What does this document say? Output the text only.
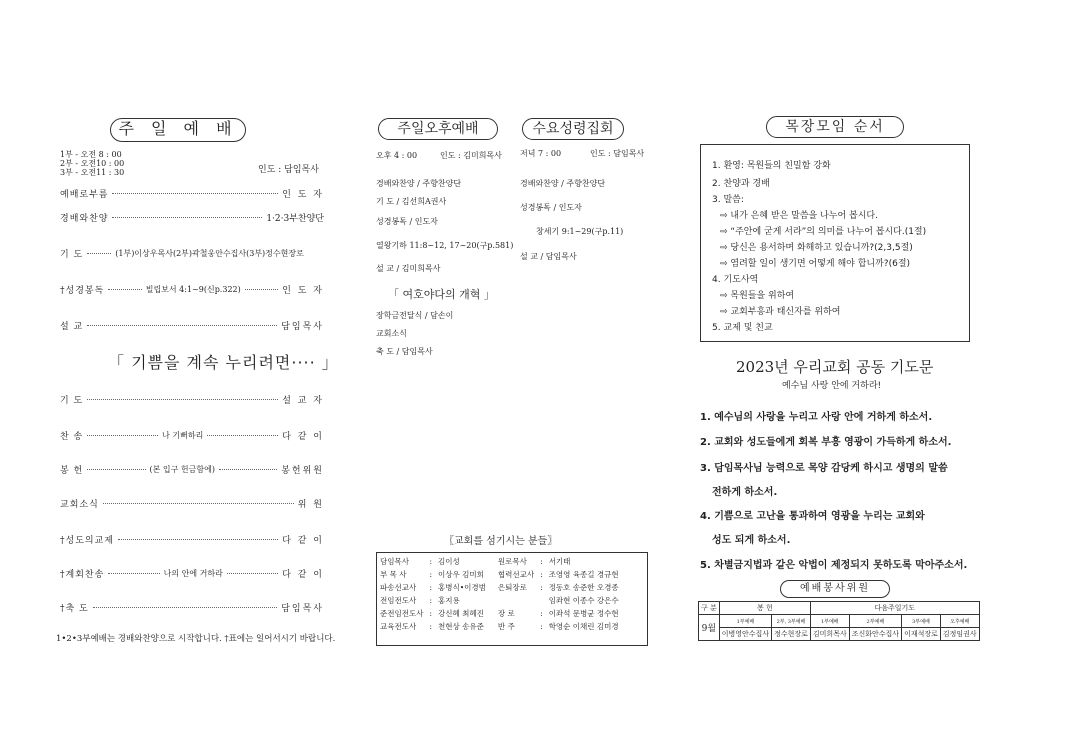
주 일 예 배
1부 - 오전 8 : 00
2부 - 오전10 : 00
3부 - 오전11 : 30	인도 : 담임목사
예배로부름	인 도 자
경배와찬양	1·2·3부찬양단
기 도	(1부)이상우목사(2부)곽철웅안수집사(3부)정수현장로
†성경봉독	빌립보서 4:1~9(신p.322)	인 도 자
설 교	담임목사
「 기쁨을 계속 누리려면···· 」
기 도	설 교 자
찬 송	나 기뻐하리	다 같 이
봉 헌	(본 입구 헌금함에)	봉헌위원
교회소식	위 원
†성도의교제	다 같 이
†계회찬송	나의 안에 거하라	다 같 이
†축 도	담임목사
1•2•3부예배는 경배와찬양으로 시작합니다. †표에는 일어서시기 바랍니다.
주일오후예배	수요성령집회
오후 4 : 00	인도 : 김미희목사
경배와찬양 / 주향찬양단
기 도 / 김선희A권사
성경봉독 / 인도자
열왕기하 11:8~12, 17~20(구p.581)
설 교 / 김미희목사
「 여호야다의 개혁 」
장학금전달식 / 담손이
교회소식
축 도 / 담임목사
저녁 7 : 00	인도 : 담임목사
경배와찬양 / 주향찬양단
성경봉독 / 인도자
창세기 9:1~29(구p.11)
설 교 / 담임목사
〖교회를 섬기시는 분들〗
담임목사	:	김이성
부 목 사	:	이상우 김미희
파송선교사	:	홍병식•이경범
전임전도사	:	홍지용
준전임전도사	:	강신혜 최혜진
교육전도사	:	천현상 송유준
원로목사	:	서기태
협력선교사	:	조영영 육종길 경규현
은퇴장로	:	정동호 송준한 오경종
		임좌현 이종수 강은수
장 로	:	이좌석 문병균 정수현
반 주	:	학영순 이채린 김미경
목장모임 순서
1. 환영: 목원들의 친밀함 강화
2. 찬양과 경배
3. 말씀:
⇨ 내가 은혜 받은 말씀을 나누어 봅시다.
⇨ “주안에 굳게 서라”의 의미를 나누어 봅시다.(1절)
⇨ 당신은 용서하며 화해하고 있습니까?(2,3,5절)
⇨ 염려할 일이 생기면 어떻게 해야 합니까?(6절)
4. 기도사역
⇨ 목원들을 위하여
⇨ 교회부흥과 태신자를 위하여
5. 교제 및 친교
2023년 우리교회 공동 기도문
예수님 사랑 안에 거하라!
1. 예수님의 사랑을 누리고 사랑 안에 거하게 하소서.
2. 교회와 성도들에게 회복 부흥 영광이 가득하게 하소서.
3. 담임목사님 능력으로 목양 감당케 하시고 생명의 말씀
전하게 하소서.
4. 기쁨으로 고난을 통과하여 영광을 누리는 교회와
성도 되게 하소서.
5. 차별금지법과 같은 악법이 제정되지 못하도록 막아주소서.
예배봉사위원
구 분	봉 헌		다음주일기도			
9월	1부예배	2부, 3부예배	1부예배	2부예배	3부예배	오후예배
	이병영안수집사	정수현장로	김미희목사	조신화안수집사	이재석장로	김정임권사
